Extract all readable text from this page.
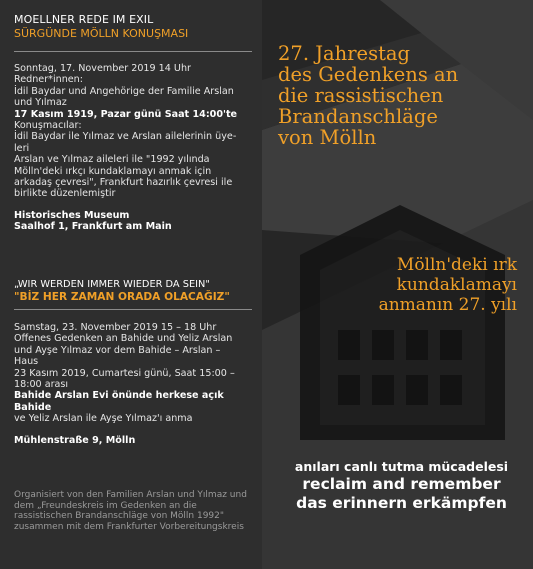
MOELLNER REDE IM EXIL
SÜRGÜNDE MÖLLN KONUŞMASI
Sonntag, 17. November 2019 14 Uhr
Redner*innen:
İdil Baydar und Angehörige der Familie Arslan
und Yılmaz
17 Kasım 1919, Pazar günü Saat 14:00'te
Konuşmacılar:
İdil Baydar ile Yılmaz ve Arslan ailelerinin üye-
leri
Arslan ve Yılmaz aileleri ile "1992 yılında
Mölln'deki ırkçı kundaklamayı anmak için
arkadaş çevresi", Frankfurt hazırlık çevresi ile
birlikte düzenlemiştir
Historisches Museum
Saalhof 1, Frankfurt am Main
„WIR WERDEN IMMER WIEDER DA SEIN"
"BİZ HER ZAMAN ORADA OLACAĞIZ"
Samstag, 23. November 2019 15 – 18 Uhr
Offenes Gedenken an Bahide und Yeliz Arslan
und Ayşe Yılmaz vor dem Bahide – Arslan –
Haus
23 Kasım 2019, Cumartesi günü, Saat 15:00 –
18:00 arası
Bahide Arslan Evi önünde herkese açık Bahide
ve Yeliz Arslan ile Ayşe Yılmaz'ı anma
Mühlenstraße 9, Mölln
Organisiert von den Familien Arslan und Yılmaz und
dem „Freundeskreis im Gedenken an die
rassistischen Brandanschläge von Mölln 1992"
zusammen mit dem Frankfurter Vorbereitungskreis
27. Jahrestag
des Gedenkens an
die rassistischen
Brandanschläge
von Mölln
Mölln'deki ırk
kundaklamayı
anmanın 27. yılı
anıları canlı tutma mücadelesi
reclaim and remember
das erinnern erkämpfen
